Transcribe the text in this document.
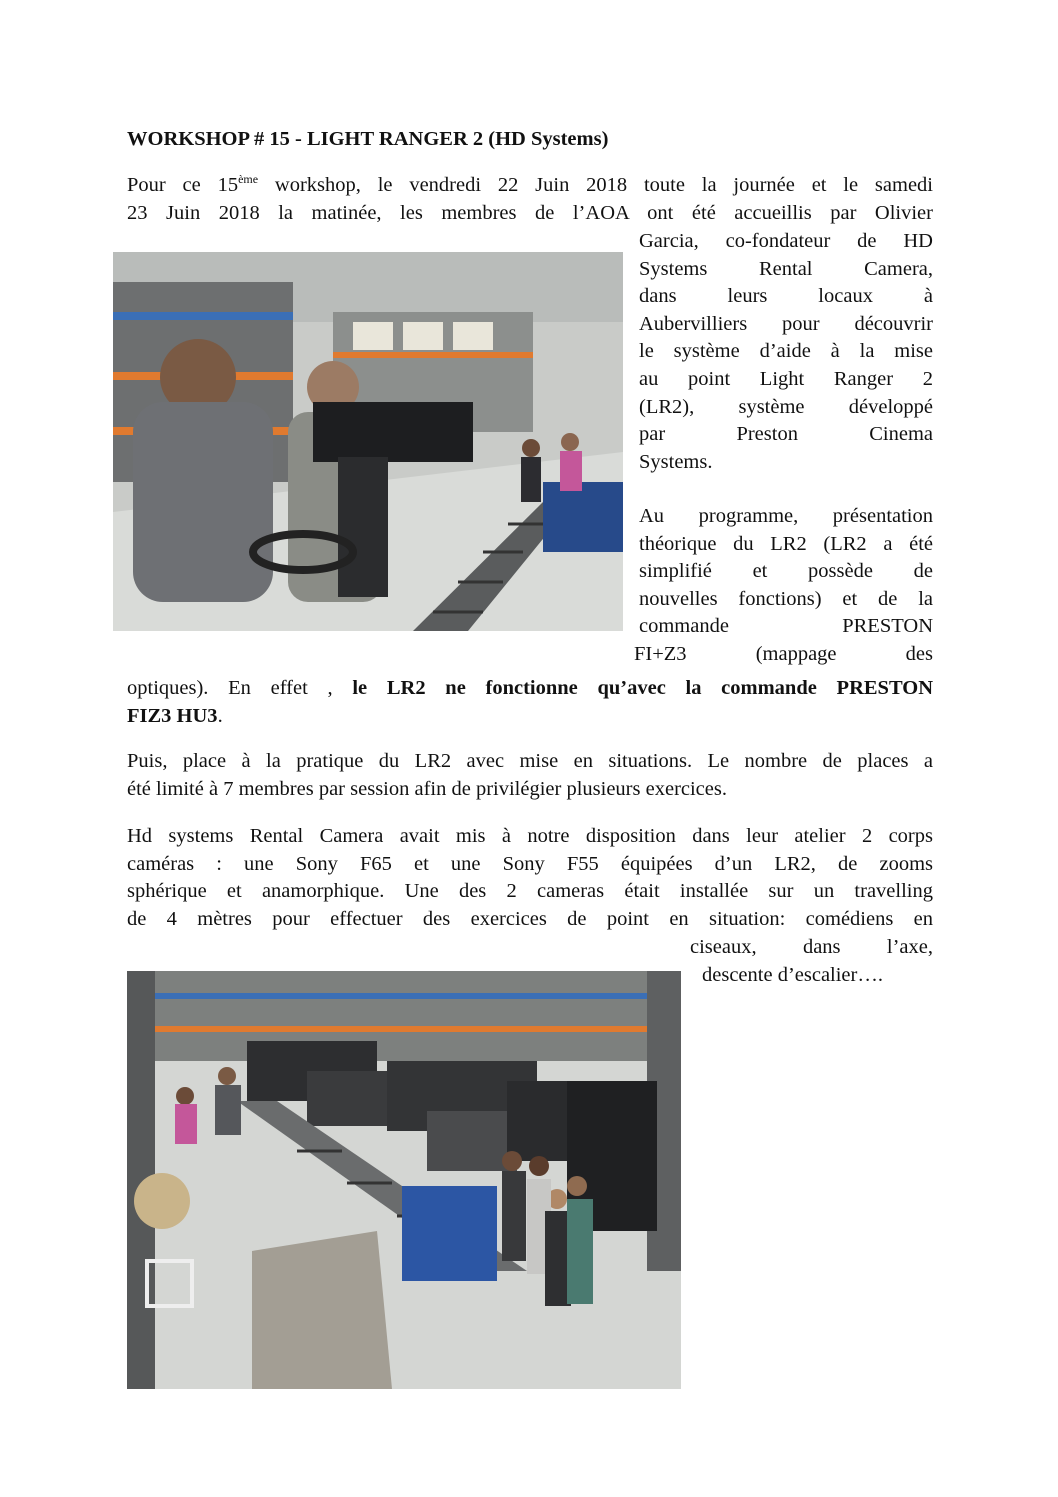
WORKSHOP # 15 - LIGHT RANGER 2 (HD Systems)

Pour ce 15ème workshop, le vendredi 22 Juin 2018 toute la journée et le samedi
23 Juin 2018 la matinée, les membres de l’AOA ont été accueillis par Olivier

Garcia, co-fondateur de HD
Systems Rental Camera,
dans leurs locaux à
Aubervilliers pour découvrir
le système d’aide à la mise
au point Light Ranger 2
(LR2), système développé
par Preston Cinema
Systems.

Au programme, présentation
théorique du LR2 (LR2 a été
simplifié et possède de
nouvelles fonctions) et de la
commande PRESTON
FI+Z3 (mappage des

optiques). En effet , le LR2 ne fonctionne qu’avec la commande PRESTON
FIZ3 HU3.

Puis, place à la pratique du LR2 avec mise en situations. Le nombre de places a
été limité à 7 membres par session afin de privilégier plusieurs exercices.

Hd systems Rental Camera avait mis à notre disposition dans leur atelier 2 corps
caméras : une Sony F65 et une Sony F55 équipées d’un LR2, de zooms
sphérique et anamorphique. Une des 2 cameras était installée sur un travelling
de 4 mètres pour effectuer des exercices de point en situation: comédiens en

ciseaux, dans l’axe,
descente d’escalier….
